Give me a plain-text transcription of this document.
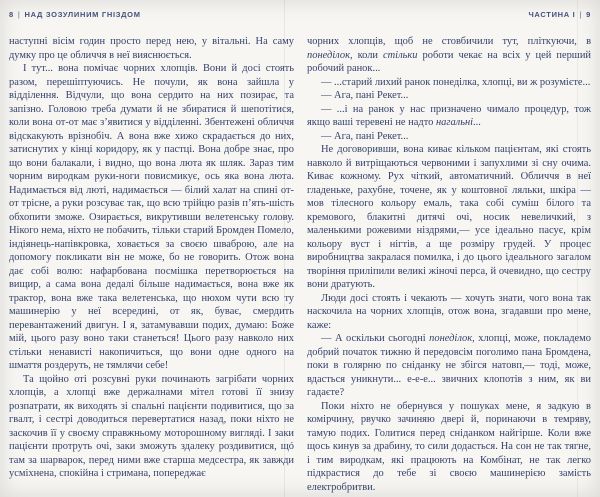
8 | НАД ЗОЗУЛИНИМ ГНІЗДОМ

наступні вісім годин просто перед нею, у вітальні. На саму думку про це обличчя в неї вияснюється.

І тут... вона помічає чорних хлопців. Вони й досі стоять разом, перешіптуючись. Не почули, як вона зайшла у відділення. Відчули, що вона сердито на них позирає, та запізно. Головою треба думати й не збиратися й шепотітися, коли вона от-от має з’явитися у відділенні. Збентежені обличчя відскакують врізнобіч. А вона вже хижо скрадається до них, затиснутих у кінці коридору, як у пастці. Вона добре знає, про що вони балакали, і видно, що вона люта як шляк. Зараз тим чорним виродкам руки-ноги повисмикує, ось яка вона люта. Надимається від люті, надимається — білий халат на спині от-от трісне, а руки розсуває так, що всю трійцю разів п’ять-шість обхопити зможе. Озирається, викрутивши велетенську голову. Нікого нема, ніхто не побачить, тільки старий Бромден Помело, індіянець-напівкровка, ховається за своєю шваброю, але на допомогу покликати він не може, бо не говорить. Отож вона дає собі волю: нафарбована посмішка перетворюється на вищир, а сама вона дедалі більше надимається, вона вже як трактор, вона вже така велетенська, що нюхом чути всю ту машинерію у неї всередині, от як, буває, смердить перевантажений двигун. І я, затамувавши подих, думаю: Боже мій, цього разу воно таки станеться! Цього разу навколо них стільки ненависті накопичиться, що вони одне одного на шмаття роздеруть, не тямлячи себе!

Та щойно оті розсувні руки починають загрібати чорних хлопців, а хлопці вже держалнами мітел готові її знизу розпатрати, як виходять зі спальні пацієнти подивитися, що за гвалт, і сестрі доводиться перевертатися назад, поки ніхто не заскочив її у своєму справжньому моторошному вигляді. І заки пацієнти протруть очі, заки зможуть здалеку роздивитися, щó там за шарварок, перед ними вже старша медсестра, як завжди усміхнена, спокійна і стримана, попереджає

ЧАСТИНА І | 9

чорних хлопців, щоб не стовбичили тут, пліткуючи, в понеділок, коли стільки роботи чекає на всіх у цей перший робочий ранок...

— ...старий лихий ранок понеділка, хлопці, ви ж розумієте...

— Ага, пані Рекет...

— ...і на ранок у нас призначено чимало процедур, тож якщо ваші теревені не надто нагальні...

— Ага, пані Рекет...

Не договоривши, вона киває кільком пацієнтам, які стоять навколо й витріщаються червоними і запухлими зі сну очима. Киває кожному. Рух чіткий, автоматичний. Обличчя в неї гладеньке, рахубне, точене, як у коштовної ляльки, шкіра — мов тілесного кольору емаль, така собі суміш білого та кремового, блакитні дитячі очі, носик невеличкий, з маленькими рожевими ніздрями,— усе ідеально пасує, крім кольору вуст і нігтів, а ще розміру грудей. У процес виробництва закралася помилка, і до цього ідеального загалом творіння приліпили великі жіночі перса, й очевидно, що сестру вони дратують.

Люди досі стоять і чекають — хочуть знати, чого вона так наскочила на чорних хлопців, отож вона, згадавши про мене, каже:

— А оскільки сьогодні понеділок, хлопці, може, покладемо добрий початок тижню й передовсім поголимо пана Бромдена, поки в голярню по сніданку не збігся натовп,— тоді, може, вдасться уникнути... е-е-е... звичних клопотів з ним, як ви гадаєте?

Поки ніхто не обернувся у пошуках мене, я задкую в комірчину, рвучко зачиняю двері й, поринаючи в темряву, тамую подих. Голитися перед сніданком найгірше. Коли вже щось кинув за драбину, то сили додасться. На сон не так тягне, і тим виродкам, які працюють на Комбінат, не так легко підкрастися до тебе зі своєю машинерією замість електробритви.
